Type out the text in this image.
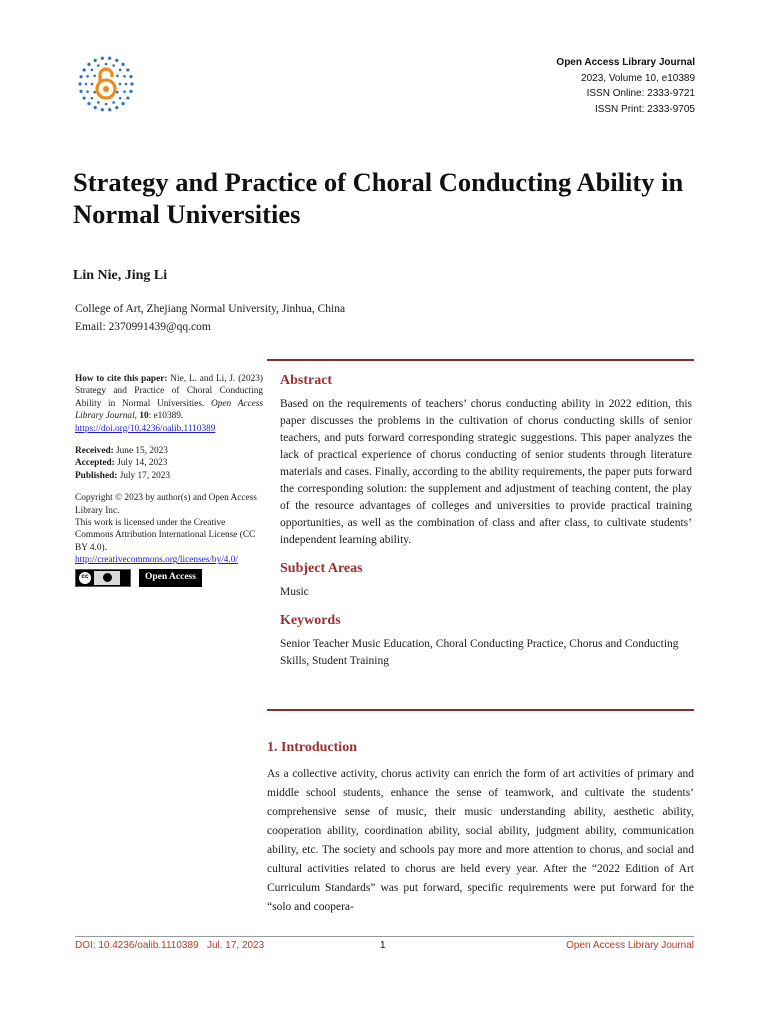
Open Access Library Journal
2023, Volume 10, e10389
ISSN Online: 2333-9721
ISSN Print: 2333-9705
Strategy and Practice of Choral Conducting Ability in Normal Universities
Lin Nie, Jing Li
College of Art, Zhejiang Normal University, Jinhua, China
Email: 2370991439@qq.com
How to cite this paper: Nie, L. and Li, J. (2023) Strategy and Practice of Choral Conducting Ability in Normal Universities. Open Access Library Journal, 10: e10389.
https://doi.org/10.4236/oalib.1110389
Received: June 15, 2023
Accepted: July 14, 2023
Published: July 17, 2023
Copyright © 2023 by author(s) and Open Access Library Inc.
This work is licensed under the Creative Commons Attribution International License (CC BY 4.0).
http://creativecommons.org/licenses/by/4.0/
cc	Open Access
Abstract
Based on the requirements of teachers’ chorus conducting ability in 2022 edition, this paper discusses the problems in the cultivation of chorus conducting skills of senior teachers, and puts forward corresponding strategic suggestions. This paper analyzes the lack of practical experience of chorus conducting of senior students through literature materials and cases. Finally, according to the ability requirements, the paper puts forward the corresponding solution: the supplement and adjustment of teaching content, the play of the resource advantages of colleges and universities to provide practical training opportunities, as well as the combination of class and after class, to cultivate students’ independent learning ability.
Subject Areas
Music
Keywords
Senior Teacher Music Education, Choral Conducting Practice, Chorus and Conducting Skills, Student Training
1. Introduction
As a collective activity, chorus activity can enrich the form of art activities of primary and middle school students, enhance the sense of teamwork, and cultivate the students’ comprehensive sense of music, their music understanding ability, aesthetic ability, cooperation ability, coordination ability, social ability, judgment ability, communication ability, etc. The society and schools pay more and more attention to chorus, and social and cultural activities related to chorus are held every year. After the “2022 Edition of Art Curriculum Standards” was put forward, specific requirements were put forward for the “solo and coopera-
DOI: 10.4236/oalib.1110389 Jul. 17, 2023	1	Open Access Library Journal
